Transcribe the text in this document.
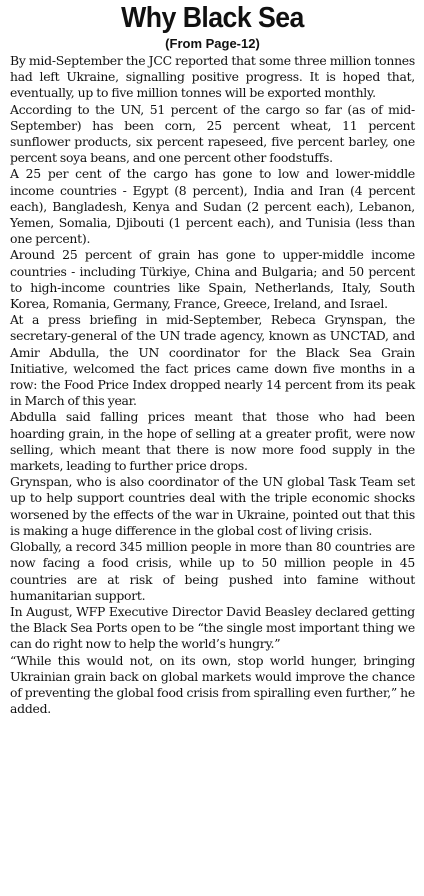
Why Black Sea
(From Page-12)

By mid-September the JCC reported that some three million tonnes had left Ukraine, signalling positive progress. It is hoped that, eventually, up to five million tonnes will be exported monthly.

According to the UN, 51 percent of the cargo so far (as of mid-September) has been corn, 25 percent wheat, 11 percent sunflower products, six percent rapeseed, five percent barley, one percent soya beans, and one percent other foodstuffs.

A 25 per cent of the cargo has gone to low and lower-middle income countries - Egypt (8 percent), India and Iran (4 percent each), Bangladesh, Kenya and Sudan (2 percent each), Lebanon, Yemen, Somalia, Djibouti (1 percent each), and Tunisia (less than one percent).

Around 25 percent of grain has gone to upper-middle income countries - including Türkiye, China and Bulgaria; and 50 percent to high-income countries like Spain, Netherlands, Italy, South Korea, Romania, Germany, France, Greece, Ireland, and Israel.

At a press briefing in mid-September, Rebeca Grynspan, the secretary-general of the UN trade agency, known as UNCTAD, and Amir Abdulla, the UN coordinator for the Black Sea Grain Initiative, welcomed the fact prices came down five months in a row: the Food Price Index dropped nearly 14 percent from its peak in March of this year.

Abdulla said falling prices meant that those who had been hoarding grain, in the hope of selling at a greater profit, were now selling, which meant that there is now more food supply in the markets, leading to further price drops.

Grynspan, who is also coordinator of the UN global Task Team set up to help support countries deal with the triple economic shocks worsened by the effects of the war in Ukraine, pointed out that this is making a huge difference in the global cost of living crisis.

Globally, a record 345 million people in more than 80 countries are now facing a food crisis, while up to 50 million people in 45 countries are at risk of being pushed into famine without humanitarian support.

In August, WFP Executive Director David Beasley declared getting the Black Sea Ports open to be “the single most important thing we can do right now to help the world’s hungry.”

“While this would not, on its own, stop world hunger, bringing Ukrainian grain back on global markets would improve the chance of preventing the global food crisis from spiralling even further,” he added.
